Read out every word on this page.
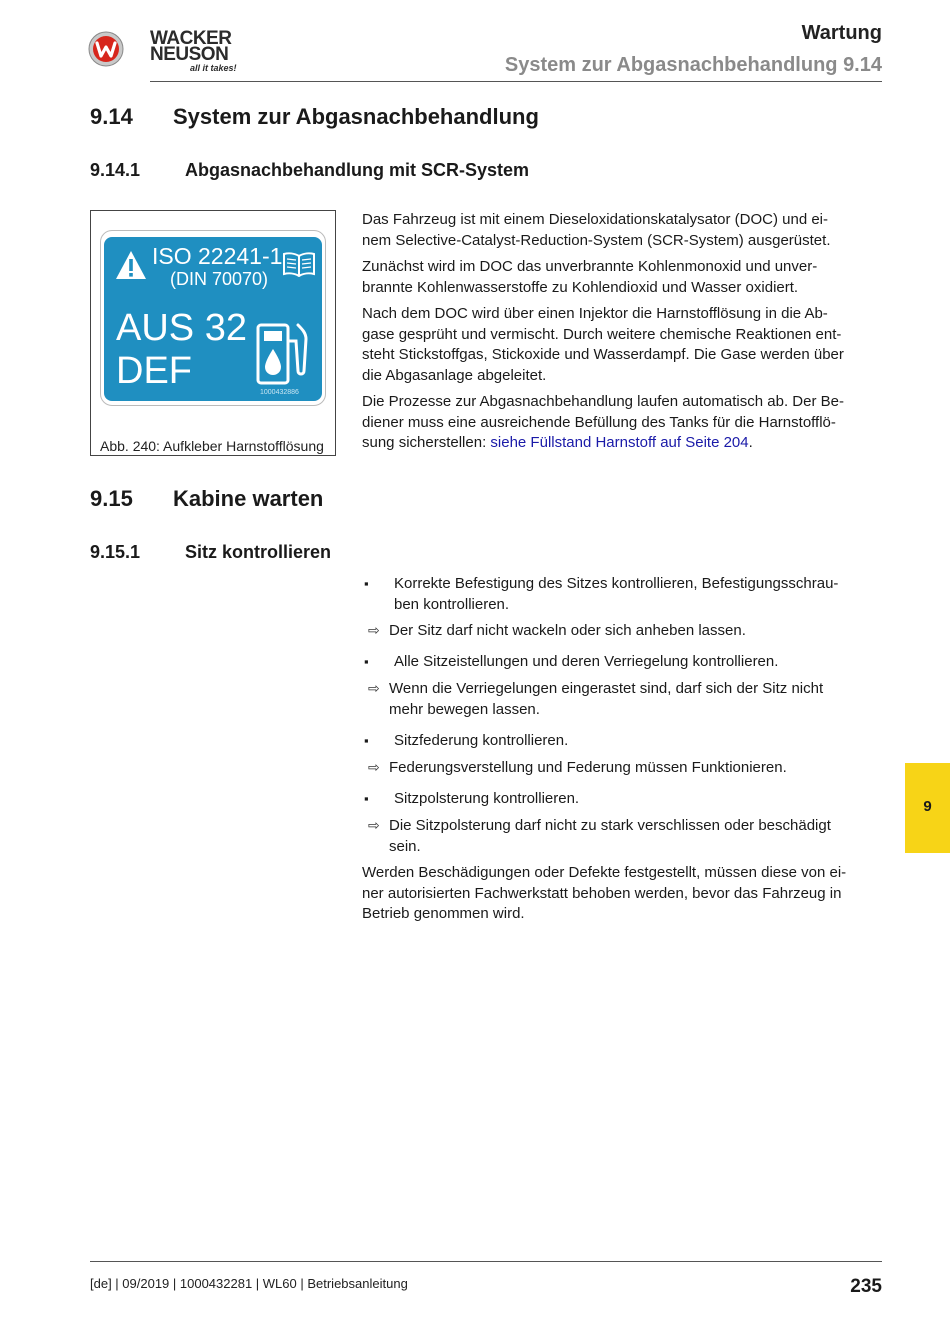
WACKER
NEUSON
all it takes!
Wartung
System zur Abgasnachbehandlung 9.14
9.14 System zur Abgasnachbehandlung
9.14.1 Abgasnachbehandlung mit SCR-System
ISO 22241-1
(DIN 70070)
AUS 32
DEF
1000432886
Abb. 240: Aufkleber Harnstofflösung
Das Fahrzeug ist mit einem Dieseloxidationskatalysator (DOC) und ei-
nem Selective-Catalyst-Reduction-System (SCR-System) ausgerüstet.
Zunächst wird im DOC das unverbrannte Kohlenmonoxid und unver-
brannte Kohlenwasserstoffe zu Kohlendioxid und Wasser oxidiert.
Nach dem DOC wird über einen Injektor die Harnstofflösung in die Ab-
gase gesprüht und vermischt. Durch weitere chemische Reaktionen ent-
steht Stickstoffgas, Stickoxide und Wasserdampf. Die Gase werden über
die Abgasanlage abgeleitet.
Die Prozesse zur Abgasnachbehandlung laufen automatisch ab. Der Be-
diener muss eine ausreichende Befüllung des Tanks für die Harnstofflö-
sung sicherstellen: siehe Füllstand Harnstoff auf Seite 204.
9.15 Kabine warten
9.15.1 Sitz kontrollieren
▪ Korrekte Befestigung des Sitzes kontrollieren, Befestigungsschrau-
ben kontrollieren.
⇨ Der Sitz darf nicht wackeln oder sich anheben lassen.
▪ Alle Sitzeistellungen und deren Verriegelung kontrollieren.
⇨ Wenn die Verriegelungen eingerastet sind, darf sich der Sitz nicht
mehr bewegen lassen.
▪ Sitzfederung kontrollieren.
⇨ Federungsverstellung und Federung müssen Funktionieren.
▪ Sitzpolsterung kontrollieren.
⇨ Die Sitzpolsterung darf nicht zu stark verschlissen oder beschädigt
sein.
Werden Beschädigungen oder Defekte festgestellt, müssen diese von ei-
ner autorisierten Fachwerkstatt behoben werden, bevor das Fahrzeug in
Betrieb genommen wird.
9
[de] | 09/2019 | 1000432281 | WL60 | Betriebsanleitung	235
